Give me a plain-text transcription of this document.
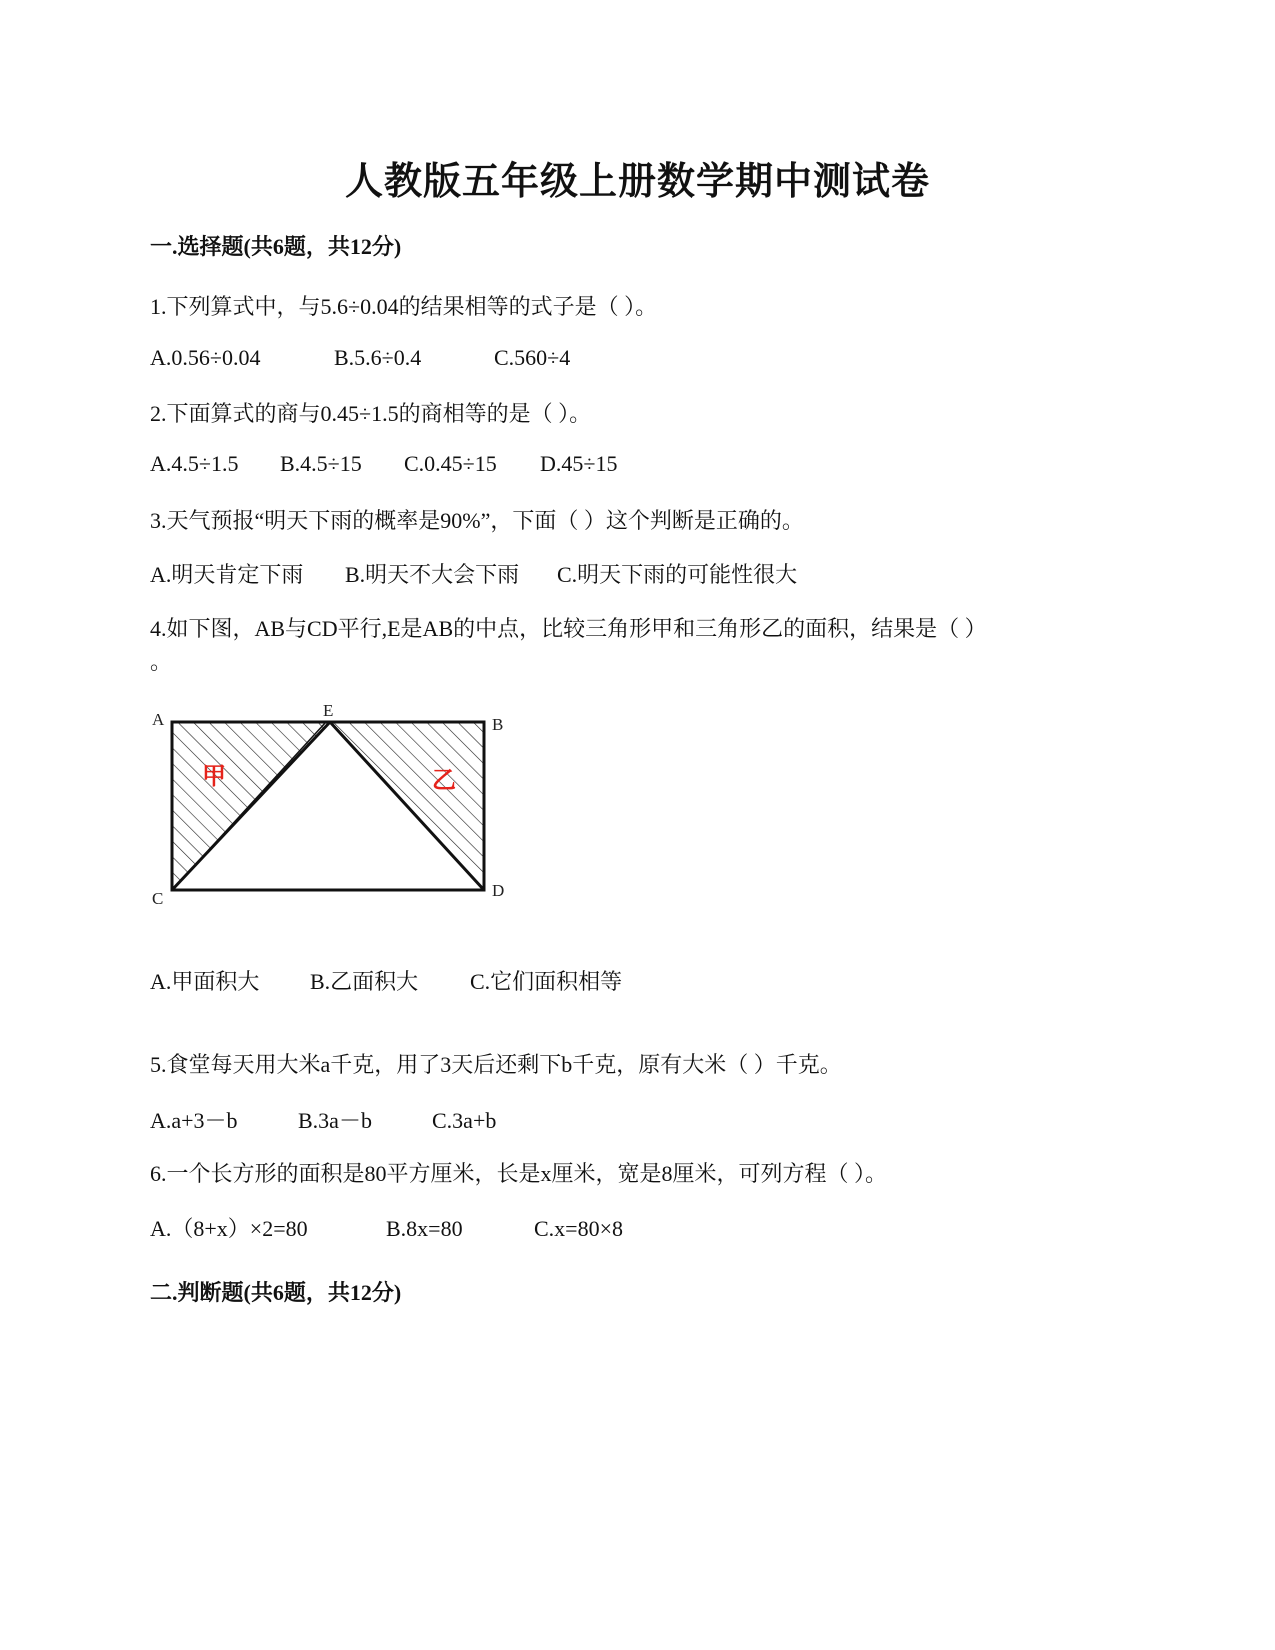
人教版五年级上册数学期中测试卷
一.选择题(共6题，共12分)
1.下列算式中，与5.6÷0.04的结果相等的式子是（ ）。
A.0.56÷0.04	B.5.6÷0.4	C.560÷4
2.下面算式的商与0.45÷1.5的商相等的是（ ）。
A.4.5÷1.5 B.4.5÷15 C.0.45÷15 D.45÷15
3.天气预报“明天下雨的概率是90%”，下面（ ）这个判断是正确的。
A.明天肯定下雨 B.明天不大会下雨 C.明天下雨的可能性很大
4.如下图，AB与CD平行,E是AB的中点，比较三角形甲和三角形乙的面积，结果是（ ）
。
A	E
B
C	D
甲	乙
A.甲面积大 B.乙面积大 C.它们面积相等
5.食堂每天用大米a千克，用了3天后还剩下b千克，原有大米（ ）千克。
A.a+3－b	B.3a－b	C.3a+b
6.一个长方形的面积是80平方厘米，长是x厘米，宽是8厘米，可列方程（ ）。
A.（8+x）×2=80	B.8x=80	C.x=80×8
二.判断题(共6题，共12分)
